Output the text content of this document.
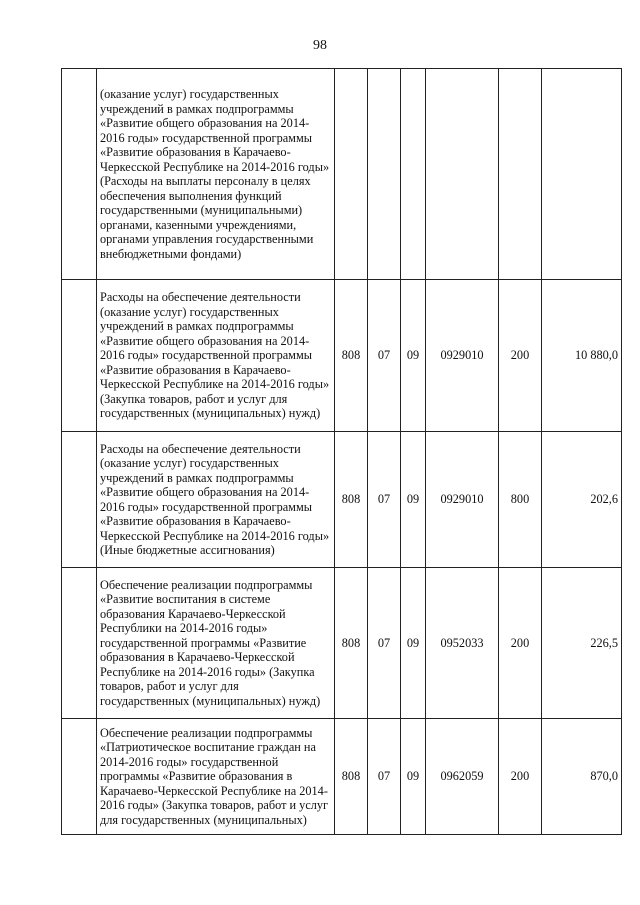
98

	(оказание услуг) государственных учреждений в рамках подпрограммы «Развитие общего образования на 2014-2016 годы» государственной программы «Развитие образования в Карачаево-Черкесской Республике на 2014-2016 годы» (Расходы на выплаты персоналу в целях обеспечения выполнения функций государственными (муниципальными) органами, казенными учреждениями, органами управления государственными внебюджетными фондами)						

	Расходы на обеспечение деятельности (оказание услуг) государственных учреждений в рамках подпрограммы «Развитие общего образования на 2014-2016 годы» государственной программы «Развитие образования в Карачаево-Черкесской Республике на 2014-2016 годы» (Закупка товаров, работ и услуг для государственных (муниципальных) нужд)	808	07	09	0929010	200	10 880,0

	Расходы на обеспечение деятельности (оказание услуг) государственных учреждений в рамках подпрограммы «Развитие общего образования на 2014-2016 годы» государственной программы «Развитие образования в Карачаево-Черкесской Республике на 2014-2016 годы» (Иные бюджетные ассигнования)	808	07	09	0929010	800	202,6

	Обеспечение реализации подпрограммы «Развитие воспитания в системе образования Карачаево-Черкесской Республики на 2014-2016 годы» государственной программы «Развитие образования в Карачаево-Черкесской Республике на 2014-2016 годы» (Закупка товаров, работ и услуг для государственных (муниципальных) нужд)	808	07	09	0952033	200	226,5

	Обеспечение реализации подпрограммы «Патриотическое воспитание граждан на 2014-2016 годы» государственной программы «Развитие образования в Карачаево-Черкесской Республике на 2014-2016 годы» (Закупка товаров, работ и услуг для государственных (муниципальных)	808	07	09	0962059	200	870,0
